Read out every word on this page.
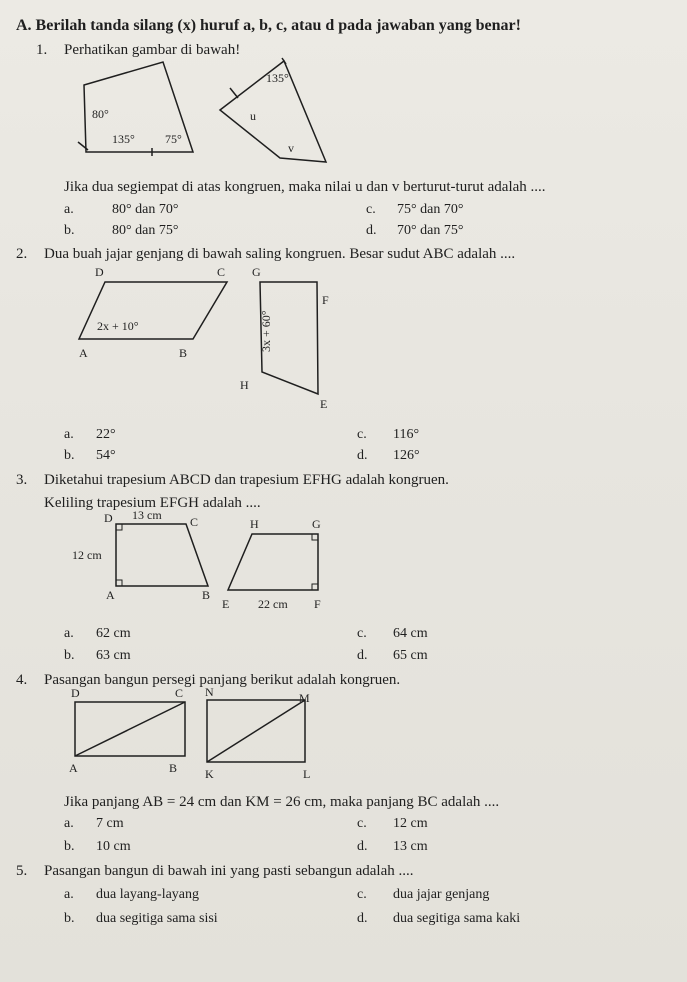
A. Berilah tanda silang (x) huruf a, b, c, atau d pada jawaban yang benar!
1. Perhatikan gambar di bawah!
80°
135°	75°
135°
u
v
Jika dua segiempat di atas kongruen, maka nilai u dan v berturut-turut adalah ....
a.	80° dan 70°	c. 75° dan 70°
b.	80° dan 75°	d. 70° dan 75°
2. Dua buah jajar genjang di bawah saling kongruen. Besar sudut ABC adalah ....
D	C
A	B
2x + 10°
G
F
H
E
3x + 60°
a. 22°	c. 116°
b. 54°	d. 126°
3. Diketahui trapesium ABCD dan trapesium EFHG adalah kongruen.
Keliling trapesium EFGH adalah ....
13 cm
D	C
12 cm
A	B
H	G
E 22 cm F
a. 62 cm	c. 64 cm
b. 63 cm	d. 65 cm
4. Pasangan bangun persegi panjang berikut adalah kongruen.
D	C
A	B
N	M
K	L
Jika panjang AB = 24 cm dan KM = 26 cm, maka panjang BC adalah ....
a. 7 cm	c. 12 cm
b. 10 cm	d. 13 cm
5. Pasangan bangun di bawah ini yang pasti sebangun adalah ....
a. dua layang-layang	c. dua jajar genjang
b. dua segitiga sama sisi	d. dua segitiga sama kaki
